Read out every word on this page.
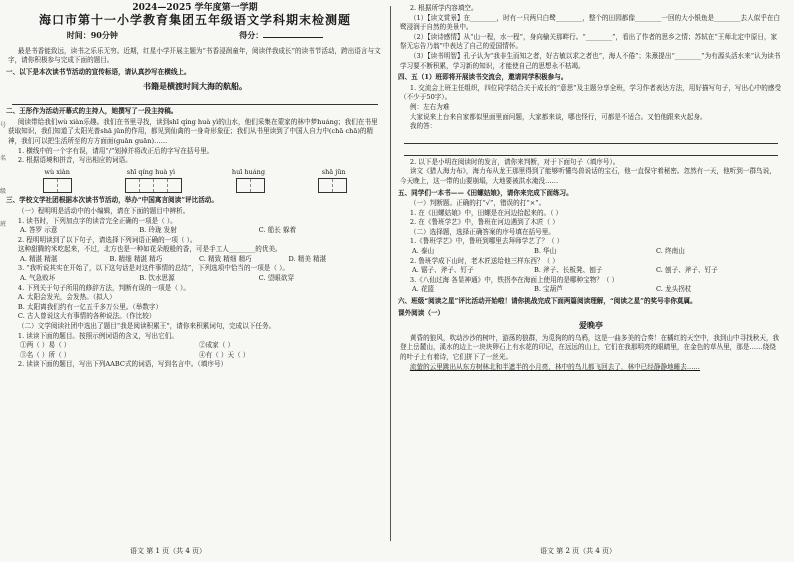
号
名
级
班
2024—2025 学年度第一学期
海口市第十一小学教育集团五年级语文学科期末检测题
时间：90分钟	得分：
最是书香能致远，读书之乐乐无穷。近期，红星小学开展主题为“书香浸润童年，阅读伴我成长”的读书节活动，跨出语言与文字，请你积极参与完成下面的题目。
一、以下是本次读书节活动的宣传标语，请认真抄写在横线上。
书籍是横渡时间大海的航船。
二、王彤作为活动开幕式的主持人，她撰写了一段主持稿。
阅读带给我们wù xiàn乐趣。我们在书里寻找，读到shī qíng huà yì的山水，他们采集在蒙家的林中梦huáng；我们在书里获取知识，我们知道了太阳光普shā jūn的作用，都见到仙禽的一身奇形象征；我们从书里读到了中国人自力中(chā chā)的精神，我们可以把生活所至的方方面面(guān guān)……
1. 横线中的一个字有误，请用“/”划掉并将改正后的字写在括号里。
2. 根据语境和拼音，写出相应的词语。
wù xiàn	shī qíng huà yì	huī huáng	shā jūn
三、学校文学社团根据本次读书节活动，举办“中国寓言阅读”评比活动。
（一）程明明是活动中的小编辑，请在下面的题目中辨析。
1. 读书时，下列加点字的读音完全正确的一项是（ ）。
A. 答罗 示意	B. 玲珑 发射	C. 船长 躲着
2. 程明明读到了以下句子，请选择下列词语正确的一项（ ）。
这种甜腾的米吃起来，不过，北方也是一种如花朵般般的香，可是手工人________的优美。
A. 精湛 精湛	B. 精细 精湛 精巧	C. 精致 精细 精巧	D. 精美 精湛
3. “我听说其实在开始了，以下这句话是对这件事情的总结”，下列选项中恰当的一项是（ ）。
A. 气急败坏	B. 饮水思源	C. 望眼欲穿
4. 下列关于句子所用的修辞方法，判断有误的一项是（ ）。
A. 太阳会发光，会发热。（拟人）
B. 太阳离我们约有一亿五千多万公里。（举数字）
C. 古人曾说这大有事情的各种说法。（作比较）
（二）文学阅读社团中选出了题目“我是阅读积累王”，请你来积累词句，完成以下任务。
1. 读读下面的题目。按照示例词语的含义，写出它们。
①两（ ）易（ ）	②成家（ ）
③名（ ）所（ ）	④有（ ）天（ ）
2. 读读下面的题目，写出下列AABC式的词语，写到名言中。（填序号）
2. 根据所学内容填空。
（1）【读文赏景】在________，时有一只两只白鹭________，整个的田园都像________一回的大小银鱼是________去人似乎在白鹭浸润于自然的美景中。
（2）【读诗感情】从“山一程，水一程”，身向榆关那畔行。“________”，看出了作者的思乡之情；苏轼在“王师北定中原日，家祭无忘告乃翁”中表达了自己的爱国情怀。
（3）【读书明智】孔子认为“我非生而知之者，好古敏以求之者也”，海人不倦”；朱熹提出“________”为有源头活水来”认为读书学习要不断积累，学习新的知识，才能使自己的思想永不枯竭。
四、五（1）班即将开展读书交流会，邀请同学积极参与。
1. 交流会上班主任组织，四位同学结合关于成长的“意思”及主题分享全班，学习作者表达方法，用好描写句子，写出心中的感受（不少于50字）。
例：左右为难
大家说来上台来自家都似里面里面问题，大家都来谈，哪也怪行，可都是不适合。又怕他跟来火起身。
我的答：
2. 以下是小明在阅读时的发言，请你来判断，对于下面句子（填序号）。
读文《猎人海力布》，海力布从龙王那里得到了能够听懂鸟兽说话的宝石，他一直保守着秘密。忽然有一天，他听到一群鸟说，今天晚上，这一带的山要崩塌，大地要被洪水淹没……
五、同学们一本书——《田螺姑娘》，请你来完成下面练习。
（一）判断题。正确的打“√”，错误的打“×”。
1. 在《田螺姑娘》中，田螺是在河边拾起来的。（ ）
2. 在《鲁班学艺》中，鲁班在河边遇到了木匠（ ）
（二）选择题，选择正确答案的序号填在括号里。
1.《鲁班学艺》中，鲁班到哪里去拜师学艺了？（ ）
A. 泰山	B. 华山	C. 终南山
2. 鲁班学成下山时，老木匠送给他三样东西？（ ）
A. 锯子、斧子、钉子	B. 斧子、长板凳、刨子	C. 刨子、斧子、钉子
3.《八仙过海 各显神通》中，铁拐李在海面上使用的是哪种宝物？（ ）
A. 花篮	B. 宝葫芦	C. 龙头拐杖
六、班级“阅读之星”评比活动开始啦！请你挑战完成下面两篇阅读理解，“阅读之星”的奖号非你莫属。
课外阅读（一）
爱晚亭
黄昏的狼风，吹动沙沙的树叶，游荡的狼群，为觅狗的的乌鸦，这是一曲多美的合奏！在橘红的天空中，我到山中寻找秋天，我登上岳麓山，溪水的边上一块块卵石上有水花的印记，在远远的山上，它们在我那明亮的眼睛里，在金色的草丛里，那是……绕绕的叶子上有着诗，它们拼下了一丝光。
流萤的云里跳出从东方树林北和半遮半的小月亮，林中的鸟儿都飞回去了，林中已经静静地睡去……
语文 第 1 页（共 4 页）	语文 第 2 页（共 4 页）
